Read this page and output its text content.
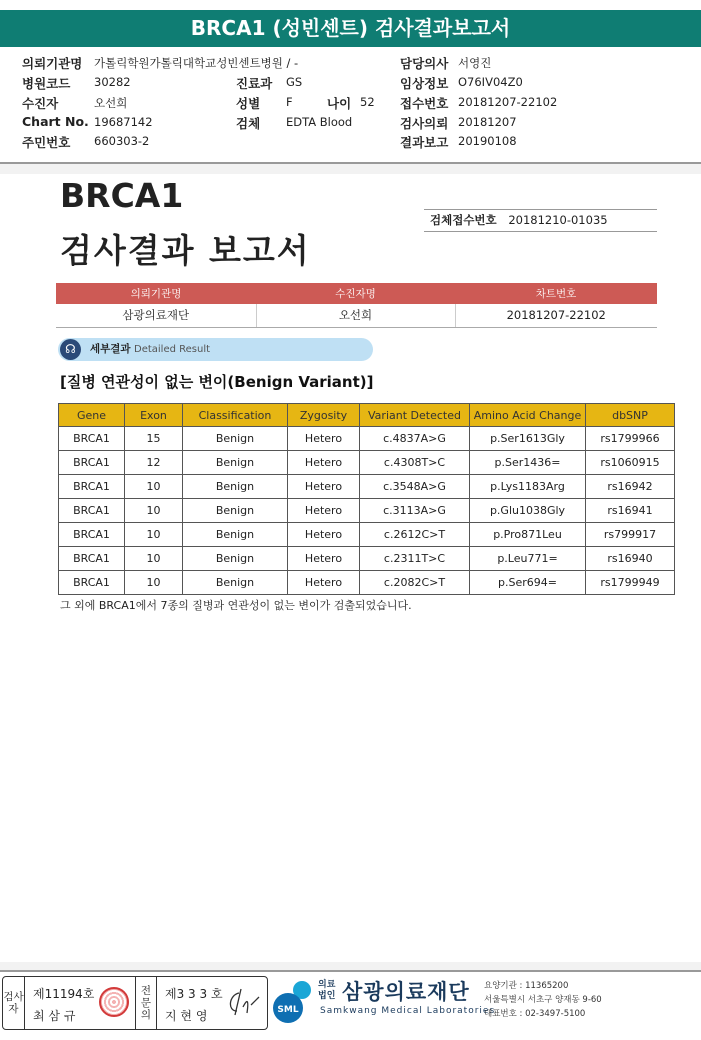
BRCA1 (성빈센트) 검사결과보고서
의뢰기관명 가톨릭학원가톨릭대학교성빈센트병원 / -
병원코드 30282
수진자	오선희
Chart No. 19687142
주민번호 660303-2
진료과 GS
성별 F	나이 52
검체 EDTA Blood
담당의사 서영진
임상정보 O76IV04Z0
접수번호 20181207-22102
검사의뢰 20181207
결과보고 20190108
BRCA1
검사결과 보고서
검체접수번호 20181210-01035
의뢰기관명	수진자명	차트번호
삼광의료재단	오선희	20181207-22102
☊	세부결과 Detailed Result
[질병 연관성이 없는 변이(Benign Variant)]
Gene	Exon	Classification	Zygosity	Variant Detected	Amino Acid Change	dbSNP
BRCA1	15	Benign	Hetero	c.4837A>G	p.Ser1613Gly	rs1799966
BRCA1	12	Benign	Hetero	c.4308T>C	p.Ser1436=	rs1060915
BRCA1	10	Benign	Hetero	c.3548A>G	p.Lys1183Arg	rs16942
BRCA1	10	Benign	Hetero	c.3113A>G	p.Glu1038Gly	rs16941
BRCA1	10	Benign	Hetero	c.2612C>T	p.Pro871Leu	rs799917
BRCA1	10	Benign	Hetero	c.2311T>C	p.Leu771=	rs16940
BRCA1	10	Benign	Hetero	c.2082C>T	p.Ser694=	rs1799949
그 외에 BRCA1에서 7종의 질병과 연관성이 없는 변이가 검출되었습니다.
검사자
제11194호
최 삼 규
전문의
제3 3 3 호
지 현 영	SML
의료법인 삼광의료재단
Samkwang Medical Laboratories
요양기관 : 11365200
서울특별시 서초구 양재동 9-60
대표번호 : 02-3497-5100
